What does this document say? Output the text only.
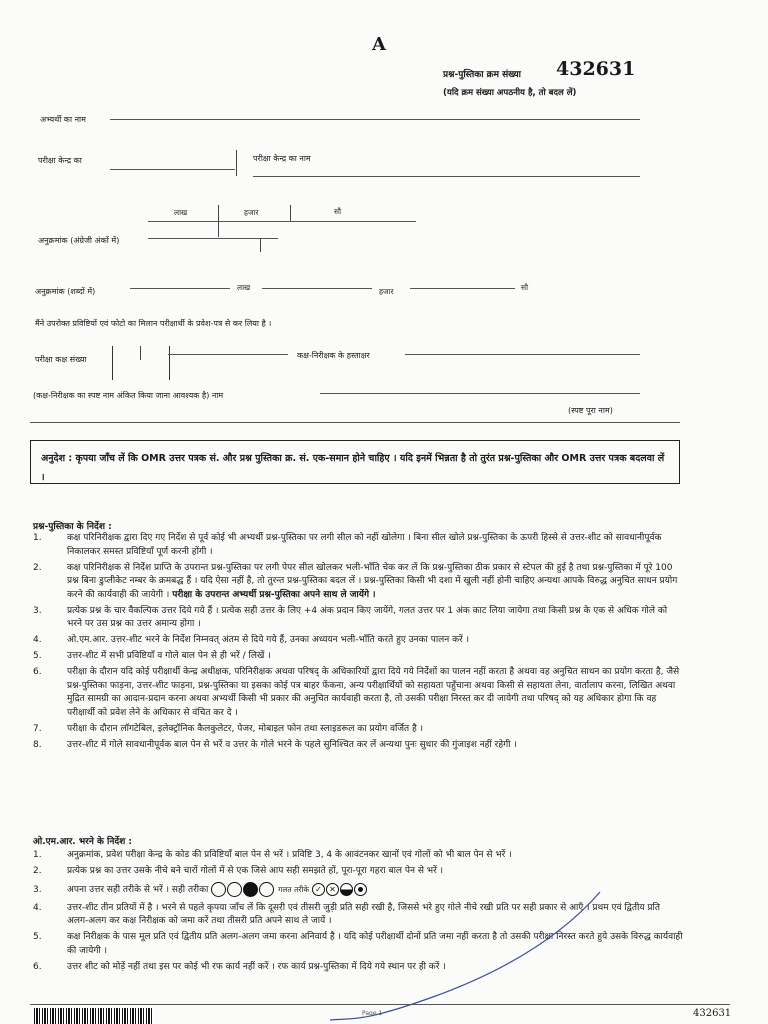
A
प्रश्न-पुस्तिका क्रम संख्या 432631
(यदि क्रम संख्या अपठनीय है, तो बदल लें)
अभ्यर्थी का नाम
परीक्षा केन्द्र का	परीक्षा केन्द्र का नाम
लाख	हजार	सौ
अनुक्रमांक (अंग्रेजी अंकों में)
अनुक्रमांक (शब्दों में)	लाख	हजार	सौ
मैंने उपरोक्त प्रविष्टियों एवं फोटो का मिलान परीक्षार्थी के प्रवेश-पत्र से कर लिया है ।
परीक्षा कक्ष संख्या	कक्ष-निरीक्षक के हस्ताक्षर
(कक्ष-निरीक्षक का स्पष्ट नाम अंकित किया जाना आवश्यक है) नाम
(स्पष्ट पूरा नाम)
अनुदेश : कृपया जाँच लें कि OMR उत्तर पत्रक सं. और प्रश्न पुस्तिका क्र. सं. एक-समान होने चाहिए । यदि इनमें भिन्नता है तो तुरंत प्रश्न-पुस्तिका और OMR उत्तर पत्रक बदलवा लें ।
प्रश्न-पुस्तिका के निर्देश :
1.	कक्ष परिनिरीक्षक द्वारा दिए गए निर्देश से पूर्व कोई भी अभ्यर्थी प्रश्न-पुस्तिका पर लगी सील को नहीं खोलेगा । बिना सील खोले प्रश्न-पुस्तिका के ऊपरी हिस्से से उत्तर-शीट को सावधानीपूर्वक निकालकर समस्त प्रविष्टियाँ पूर्ण करनी होंगी ।
2.	कक्ष परिनिरीक्षक से निर्देश प्राप्ति के उपरान्त प्रश्न-पुस्तिका पर लगी पेपर सील खोलकर भली-भाँति चेक कर लें कि प्रश्न-पुस्तिका ठीक प्रकार से स्टेपल की हुई है तथा प्रश्न-पुस्तिका में पूरे 100 प्रश्न बिना डुप्लीकेट नम्बर के क्रमबद्ध हैं । यदि ऐसा नहीं है, तो तुरन्त प्रश्न-पुस्तिका बदल लें । प्रश्न-पुस्तिका किसी भी दशा में खुली नहीं होनी चाहिए अन्यथा आपके विरुद्ध अनुचित साधन प्रयोग करने की कार्यवाही की जायेगी । परीक्षा के उपरान्त अभ्यर्थी प्रश्न-पुस्तिका अपने साथ ले जायेंगे ।
3.	प्रत्येक प्रश्न के चार वैकल्पिक उत्तर दिये गये हैं । प्रत्येक सही उत्तर के लिए +4 अंक प्रदान किए जायेंगे, गलत उत्तर पर 1 अंक काट लिया जायेगा तथा किसी प्रश्न के एक से अधिक गोले को भरने पर उस प्रश्न का उत्तर अमान्य होगा ।
4.	ओ.एम.आर. उत्तर-शीट भरने के निर्देश निम्नवत् अंतम से दिये गये हैं, उनका अध्ययन भली-भाँति करते हुए उनका पालन करें ।
5.	उत्तर-शीट में सभी प्रविष्टियाँ व गोले बाल पेन से ही भरें / लिखें ।
6.	परीक्षा के दौरान यदि कोई परीक्षार्थी केन्द्र अधीक्षक, परिनिरीक्षक अथवा परिषद् के अधिकारियों द्वारा दिये गये निर्देशों का पालन नहीं करता है अथवा वह अनुचित साधन का प्रयोग करता है, जैसे प्रश्न-पुस्तिका फाड़ना, उत्तर-शीट फाड़ना, प्रश्न-पुस्तिका या इसका कोई पत्र बाहर फेंकना, अन्य परीक्षार्थियों को सहायता पहुँचाना अथवा किसी से सहायता लेना, वार्तालाप करना, लिखित अथवा मुद्रित सामग्री का आदान-प्रदान करना अथवा अभ्यर्थी किसी भी प्रकार की अनुचित कार्यवाही करता है, तो उसकी परीक्षा निरस्त कर दी जायेगी तथा परिषद् को यह अधिकार होगा कि वह परीक्षार्थी को प्रवेश लेने के अधिकार से वंचित कर दे ।
7.	परीक्षा के दौरान लॉगटेबिल, इलेक्ट्रॉनिक कैलकुलेटर, पेजर, मोबाइल फोन तथा स्लाइडरूल का प्रयोग वर्जित है ।
8.	उत्तर-शीट में गोले सावधानीपूर्वक बाल पेन से भरें व उत्तर के गोले भरने के पहले सुनिश्चित कर लें अन्यथा पुनः सुधार की गुंजाइश नहीं रहेगी ।
ओ.एम.आर. भरने के निर्देश :
1.	अनुक्रमांक, प्रवेश परीक्षा केन्द्र के कोड की प्रविष्टियाँ बाल पेन से भरें । प्रविष्टि 3, 4 के आवंटनकर खानों एवं गोलों को भी बाल पेन से भरें ।
2.	प्रत्येक प्रश्न का उत्तर उसके नीचे बने चारों गोलों में से एक जिसे आप सही समझते हों, पूरा-पूरा गहरा बाल पेन से भरें ।
3.	अपना उत्तर सही तरीके से भरें । सही तरीका	गलत तरीके ✓ ✕
4.	उत्तर-शीट तीन प्रतियों में है । भरने से पहले कृपया जाँच लें कि दूसरी एवं तीसरी जुड़ी प्रति सही रखी है, जिससे भरे हुए गोले नीचे रखी प्रति पर सही प्रकार से आएँ । प्रथम एवं द्वितीय प्रति अलग-अलग कर कक्ष निरीक्षक को जमा करें तथा तीसरी प्रति अपने साथ ले जायें ।
5.	कक्ष निरीक्षक के पास मूल प्रति एवं द्वितीय प्रति अलग-अलग जमा करना अनिवार्य है । यदि कोई परीक्षार्थी दोनों प्रति जमा नहीं करता है तो उसकी परीक्षा निरस्त करते हुये उसके विरुद्ध कार्यवाही की जायेगी ।
6.	उत्तर शीट को मोड़ें नहीं तथा इस पर कोई भी रफ कार्य नहीं करें । रफ कार्य प्रश्न-पुस्तिका में दिये गये स्थान पर ही करें ।
Page 1	432631
